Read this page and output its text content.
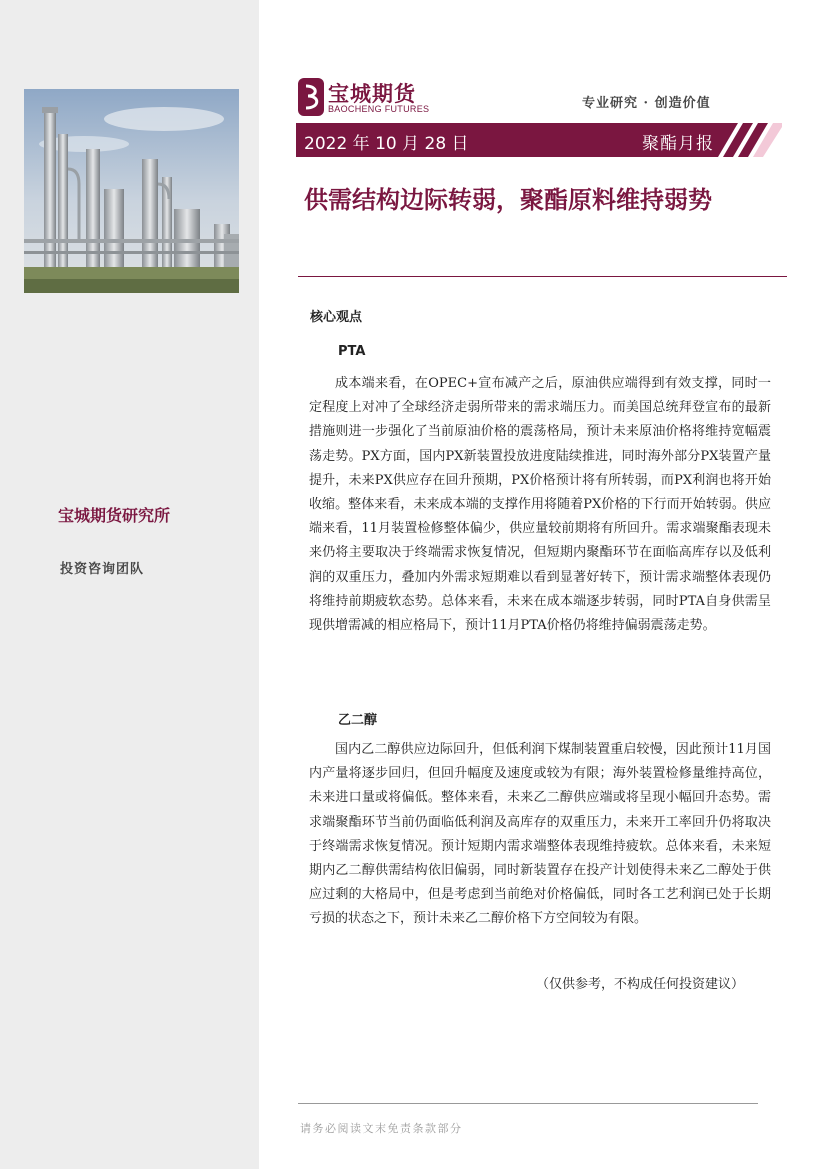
宝城期货研究所
投资咨询团队
宝城期货
BAOCHENG FUTURES	专业研究 · 创造价值
2022 年 10 月 28 日	聚酯月报
供需结构边际转弱，聚酯原料维持弱势
核心观点
PTA

成本端来看，在OPEC+宣布减产之后，原油供应端得到有效支撑，同时一定程度上对冲了全球经济走弱所带来的需求端压力。而美国总统拜登宣布的最新措施则进一步强化了当前原油价格的震荡格局，预计未来原油价格将维持宽幅震荡走势。PX方面，国内PX新装置投放进度陆续推进，同时海外部分PX装置产量提升，未来PX供应存在回升预期，PX价格预计将有所转弱，而PX利润也将开始收缩。整体来看，未来成本端的支撑作用将随着PX价格的下行而开始转弱。供应端来看，11月装置检修整体偏少，供应量较前期将有所回升。需求端聚酯表现未来仍将主要取决于终端需求恢复情况，但短期内聚酯环节在面临高库存以及低利润的双重压力，叠加内外需求短期难以看到显著好转下，预计需求端整体表现仍将维持前期疲软态势。总体来看，未来在成本端逐步转弱，同时PTA自身供需呈现供增需减的相应格局下，预计11月PTA价格仍将维持偏弱震荡走势。

乙二醇

国内乙二醇供应边际回升，但低利润下煤制装置重启较慢，因此预计11月国内产量将逐步回归，但回升幅度及速度或较为有限；海外装置检修量维持高位，未来进口量或将偏低。整体来看，未来乙二醇供应端或将呈现小幅回升态势。需求端聚酯环节当前仍面临低利润及高库存的双重压力，未来开工率回升仍将取决于终端需求恢复情况。预计短期内需求端整体表现维持疲软。总体来看，未来短期内乙二醇供需结构依旧偏弱，同时新装置存在投产计划使得未来乙二醇处于供应过剩的大格局中，但是考虑到当前绝对价格偏低，同时各工艺利润已处于长期亏损的状态之下，预计未来乙二醇价格下方空间较为有限。

（仅供参考，不构成任何投资建议）
请务必阅读文末免责条款部分
